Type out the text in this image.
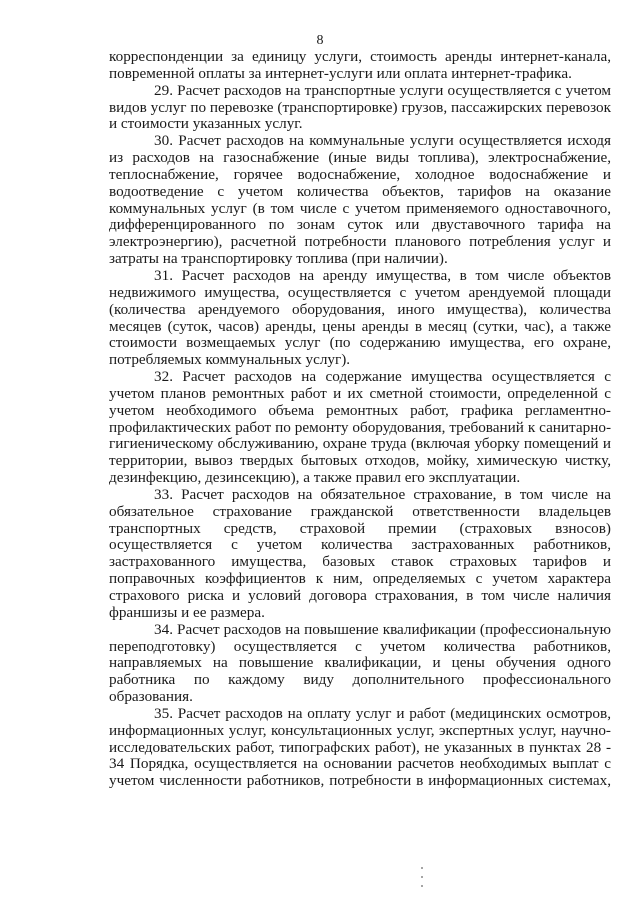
8

корреспонденции за единицу услуги, стоимость аренды интернет-канала,
повременной оплаты за интернет-услуги или оплата интернет-трафика.

29. Расчет расходов на транспортные услуги осуществляется с учетом
видов услуг по перевозке (транспортировке) грузов, пассажирских перевозок
и стоимости указанных услуг.

30. Расчет расходов на коммунальные услуги осуществляется исходя
из расходов на газоснабжение (иные виды топлива), электроснабжение,
теплоснабжение, горячее водоснабжение, холодное водоснабжение и
водоотведение с учетом количества объектов, тарифов на оказание
коммунальных услуг (в том числе с учетом применяемого одноставочного,
дифференцированного по зонам суток или двуставочного тарифа на
электроэнергию), расчетной потребности планового потребления услуг и
затраты на транспортировку топлива (при наличии).

31. Расчет расходов на аренду имущества, в том числе объектов
недвижимого имущества, осуществляется с учетом арендуемой площади
(количества арендуемого оборудования, иного имущества), количества
месяцев (суток, часов) аренды, цены аренды в месяц (сутки, час), а также
стоимости возмещаемых услуг (по содержанию имущества, его охране,
потребляемых коммунальных услуг).

32. Расчет расходов на содержание имущества осуществляется с
учетом планов ремонтных работ и их сметной стоимости, определенной с
учетом необходимого объема ремонтных работ, графика регламентно-
профилактических работ по ремонту оборудования, требований к санитарно-
гигиеническому обслуживанию, охране труда (включая уборку помещений и
территории, вывоз твердых бытовых отходов, мойку, химическую чистку,
дезинфекцию, дезинсекцию), а также правил его эксплуатации.

33. Расчет расходов на обязательное страхование, в том числе на
обязательное страхование гражданской ответственности владельцев
транспортных средств, страховой премии (страховых взносов)
осуществляется с учетом количества застрахованных работников,
застрахованного имущества, базовых ставок страховых тарифов и
поправочных коэффициентов к ним, определяемых с учетом характера
страхового риска и условий договора страхования, в том числе наличия
франшизы и ее размера.

34. Расчет расходов на повышение квалификации (профессиональную
переподготовку) осуществляется с учетом количества работников,
направляемых на повышение квалификации, и цены обучения одного
работника по каждому виду дополнительного профессионального
образования.

35. Расчет расходов на оплату услуг и работ (медицинских осмотров,
информационных услуг, консультационных услуг, экспертных услуг, научно-
исследовательских работ, типографских работ), не указанных в пунктах 28 -
34 Порядка, осуществляется на основании расчетов необходимых выплат с
учетом численности работников, потребности в информационных системах,
